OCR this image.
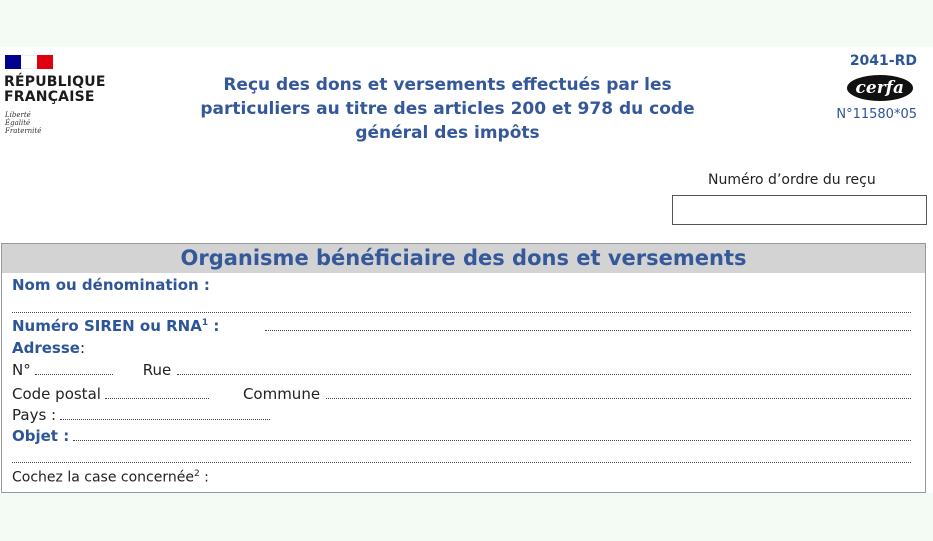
RÉPUBLIQUE
FRANÇAISE
Liberté
Égalité
Fraternité
Reçu des dons et versements effectués par les particuliers au titre des articles 200 et 978 du code général des impôts
2041-RD
cerfa
N°11580*05
Numéro d’ordre du reçu
Organisme bénéficiaire des dons et versements
Nom ou dénomination :
Numéro SIREN ou RNA$^1$ :
Adresse :
N°	Rue
Code postal	Commune
Pays :
Objet :
Cochez la case concernée$^2$ :
